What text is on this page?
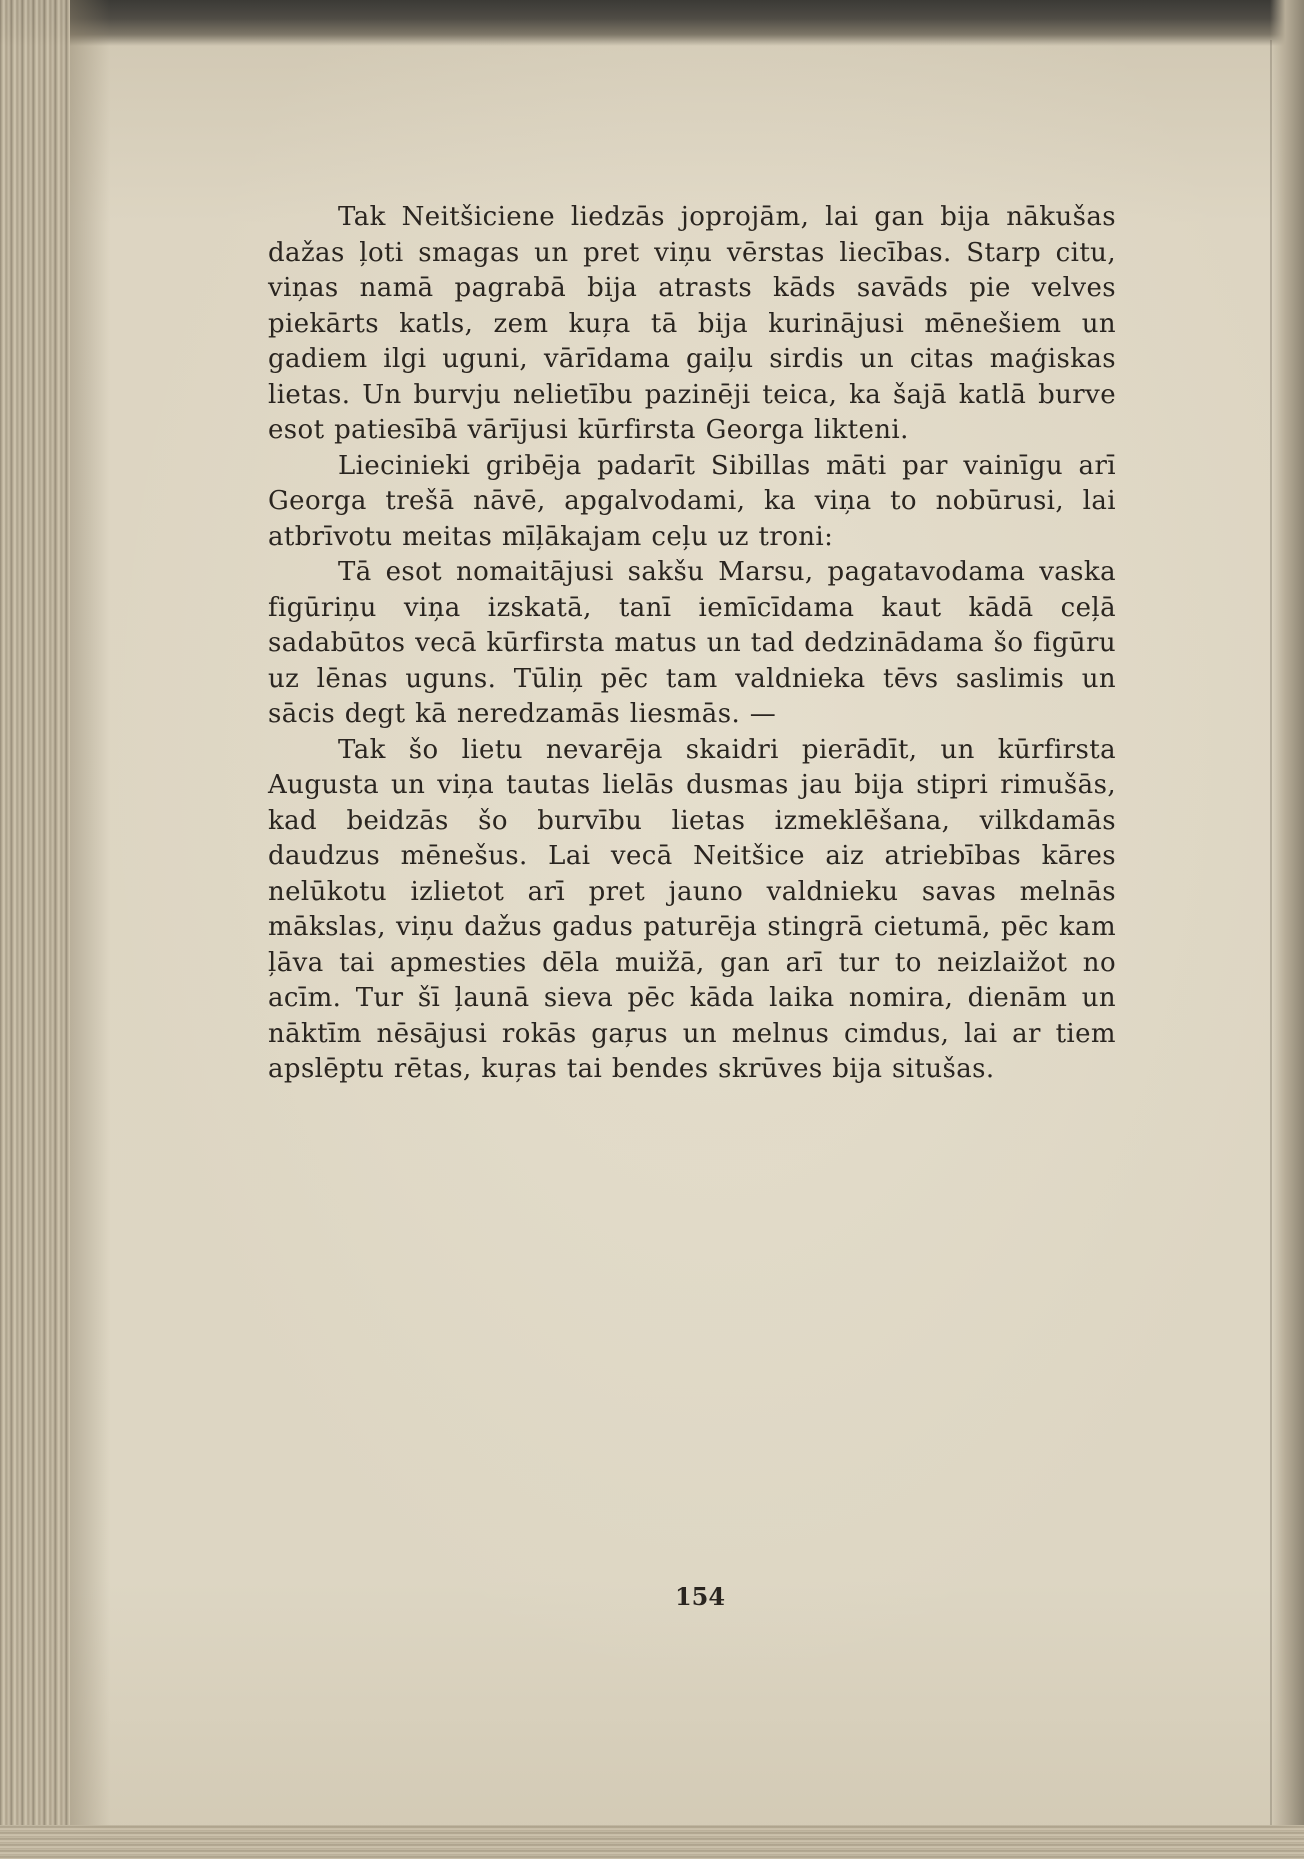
Tak Neitšiciene liedzās joprojām, lai gan bija nākušas dažas ļoti smagas un pret viņu vērstas liecības. Starp citu, viņas namā pagrabā bija atrasts kāds savāds pie velves piekārts katls, zem kuŗa tā bija kurinājusi mēnešiem un gadiem ilgi uguni, vārīdama gaiļu sirdis un citas maģiskas lietas. Un burvju nelietību pazinēji teica, ka šajā katlā burve esot patiesībā vārījusi kūrfirsta Georga likteni.

Liecinieki gribēja padarīt Sibillas māti par vainīgu arī Georga trešā nāvē, apgalvodami, ka viņa to nobūrusi, lai atbrīvotu meitas mīļākajam ceļu uz troni:

Tā esot nomaitājusi sakšu Marsu, pagatavodama vaska figūriņu viņa izskatā, tanī iemīcīdama kaut kādā ceļā sadabūtos vecā kūrfirsta matus un tad dedzinādama šo figūru uz lēnas uguns. Tūliņ pēc tam valdnieka tēvs saslimis un sācis degt kā neredzamās liesmās. —

Tak šo lietu nevarēja skaidri pierādīt, un kūrfirsta Augusta un viņa tautas lielās dusmas jau bija stipri rimušās, kad beidzās šo burvību lietas izmeklēšana, vilkdamās daudzus mēnešus. Lai vecā Neitšice aiz atriebības kāres nelūkotu izlietot arī pret jauno valdnieku savas melnās mākslas, viņu dažus gadus paturēja stingrā cietumā, pēc kam ļāva tai apmesties dēla muižā, gan arī tur to neizlaižot no acīm. Tur šī ļaunā sieva pēc kāda laika nomira, dienām un nāktīm nēsājusi rokās gaŗus un melnus cimdus, lai ar tiem apslēptu rētas, kuŗas tai bendes skrūves bija situšas.

154
